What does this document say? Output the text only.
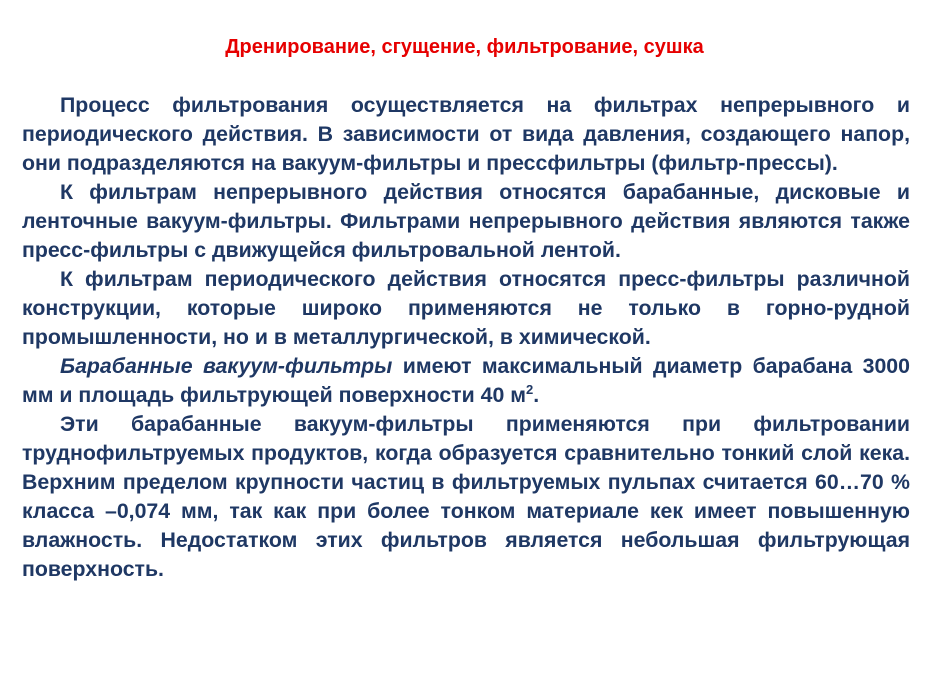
Дренирование, сгущение, фильтрование, сушка

Процесс фильтрования осуществляется на фильтрах непрерывного и периодического действия. В зависимости от вида давления, создающего напор, они подразделяются на вакуум-фильтры и прессфильтры (фильтр-прессы).

К фильтрам непрерывного действия относятся барабанные, дисковые и ленточные вакуум-фильтры. Фильтрами непрерывного действия являются также пресс-фильтры с движущейся фильтровальной лентой.

К фильтрам периодического действия относятся пресс-фильтры различной конструкции, которые широко применяются не только в горно-рудной промышленности, но и в металлургической, в химической.

Барабанные вакуум-фильтры имеют максимальный диаметр барабана 3000 мм и площадь фильтрующей поверхности 40 $м^2$.

Эти барабанные вакуум-фильтры применяются при фильтровании труднофильтруемых продуктов, когда образуется сравнительно тонкий слой кека. Верхним пределом крупности частиц в фильтруемых пульпах считается 60…70 % класса –0,074 мм, так как при более тонком материале кек имеет повышенную влажность. Недостатком этих фильтров является небольшая фильтрующая поверхность.
